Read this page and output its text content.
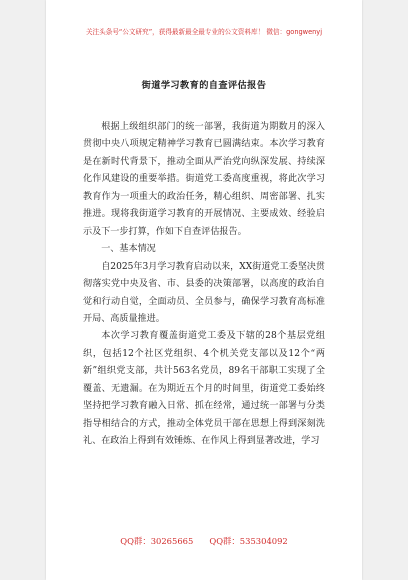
关注头条号“公文研究”，获得最新最全最专业的公文资料库！ 微信：gongwenyj
街道学习教育的自查评估报告

根据上级组织部门的统一部署，我街道为期数月的深入贯彻中央八项规定精神学习教育已圆满结束。本次学习教育是在新时代背景下，推动全面从严治党向纵深发展、持续深化作风建设的重要举措。街道党工委高度重视，将此次学习教育作为一项重大的政治任务，精心组织、周密部署、扎实推进。现将我街道学习教育的开展情况、主要成效、经验启示及下一步打算，作如下自查评估报告。

一、基本情况

自2025年3月学习教育启动以来，XX街道党工委坚决贯彻落实党中央及省、市、县委的决策部署，以高度的政治自觉和行动自觉，全面动员、全员参与，确保学习教育高标准开局、高质量推进。

本次学习教育覆盖街道党工委及下辖的28个基层党组织，包括12个社区党组织、4个机关党支部以及12个“两新”组织党支部，共计563名党员，89名干部职工实现了全覆盖、无遗漏。在为期近五个月的时间里，街道党工委始终坚持把学习教育融入日常、抓在经常，通过统一部署与分类指导相结合的方式，推动全体党员干部在思想上得到深刻洗礼、在政治上得到有效锤炼、在作风上得到显著改进，学习

QQ群：30265665 QQ群：535304092
